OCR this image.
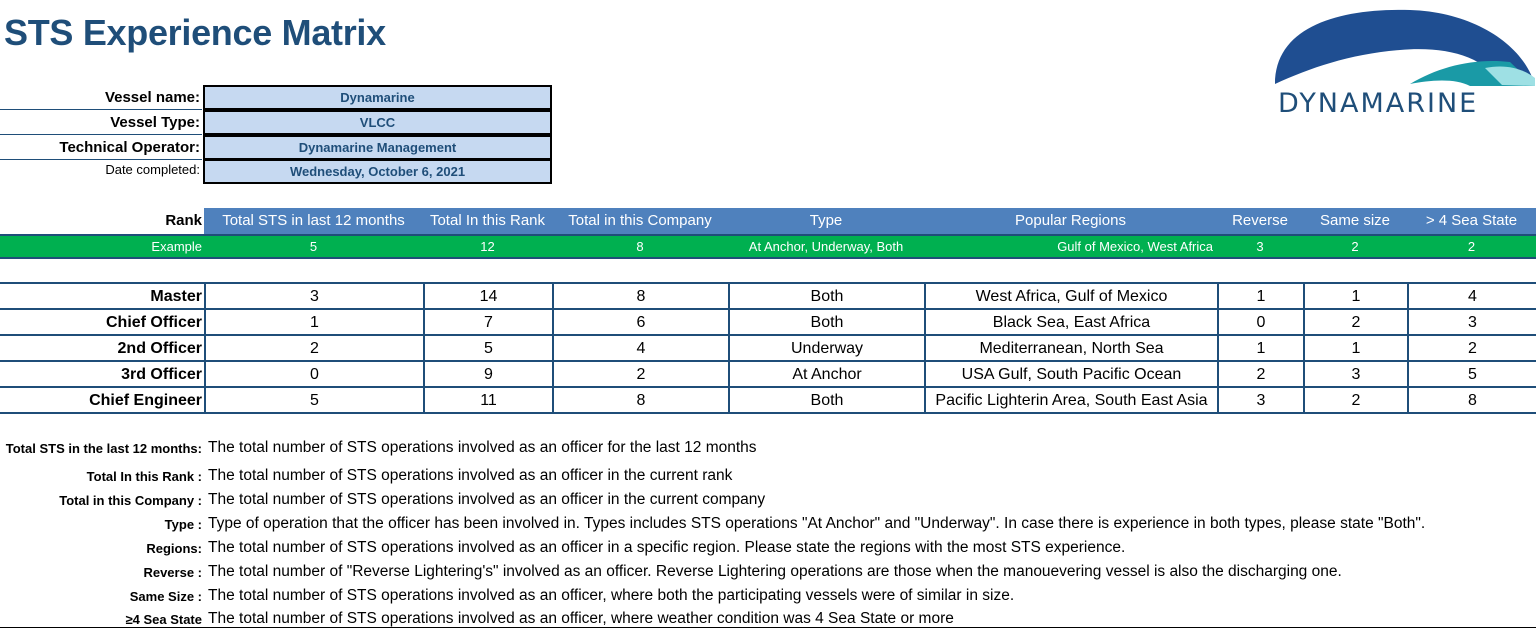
STS Experience Matrix
DYNAMARINE
Vessel name:	Dynamarine
Vessel Type:	VLCC
Technical Operator:	Dynamarine Management
Date completed:	Wednesday, October 6, 2021
Rank	Total STS in last 12 months	Total In this Rank	Total in this Company	Type	Popular Regions	Reverse	Same size	> 4 Sea State
Example	5	12	8	At Anchor, Underway, Both	Gulf of Mexico, West Africa	3	2	2
Master	3	14	8	Both	West Africa, Gulf of Mexico	1	1	4
Chief Officer	1	7	6	Both	Black Sea, East Africa	0	2	3
2nd Officer	2	5	4	Underway	Mediterranean, North Sea	1	1	2
3rd Officer	0	9	2	At Anchor	USA Gulf, South Pacific Ocean	2	3	5
Chief Engineer	5	11	8	Both	Pacific Lighterin Area, South East Asia	3	2	8
Total STS in the last 12 months: The total number of STS operations involved as an officer for the last 12 months
Total In this Rank : The total number of STS operations involved as an officer in the current rank
Total in this Company : The total number of STS operations involved as an officer in the current company
Type : Type of operation that the officer has been involved in. Types includes STS operations "At Anchor" and "Underway". In case there is experience in both types, please state "Both".
Regions: The total number of STS operations involved as an officer in a specific region. Please state the regions with the most STS experience.
Reverse : The total number of "Reverse Lightering's" involved as an officer. Reverse Lightering operations are those when the manouevering vessel is also the discharging one.
Same Size : The total number of STS operations involved as an officer, where both the participating vessels were of similar in size.
≥4 Sea State The total number of STS operations involved as an officer, where weather condition was 4 Sea State or more
